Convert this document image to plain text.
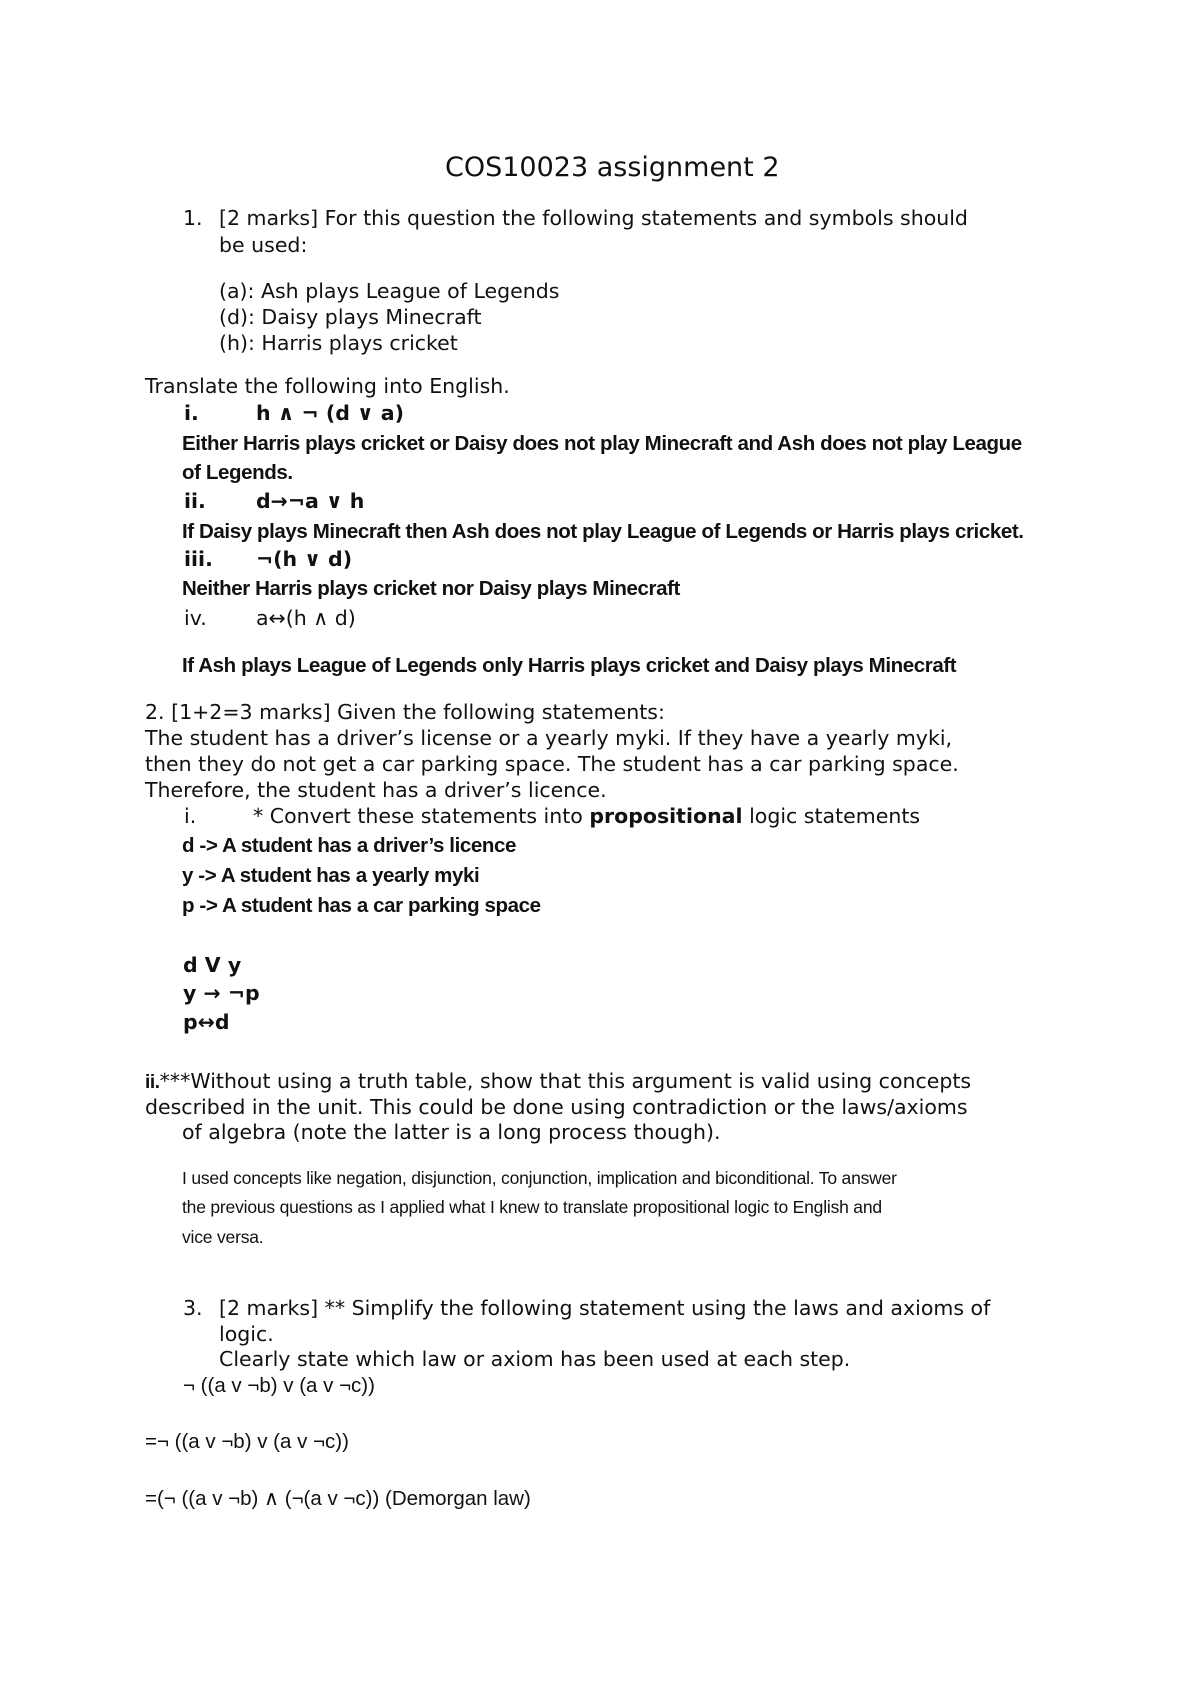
COS10023 assignment 2
1. [2 marks] For this question the following statements and symbols should
be used:
(a): Ash plays League of Legends
(d): Daisy plays Minecraft
(h): Harris plays cricket
Translate the following into English.
i.	h ∧ ¬ (d ∨ a)
Either Harris plays cricket or Daisy does not play Minecraft and Ash does not play League
of Legends.
ii. d→¬a ∨ h
If Daisy plays Minecraft then Ash does not play League of Legends or Harris plays cricket.
iii. ¬(h ∨ d)
Neither Harris plays cricket nor Daisy plays Minecraft
iv. a↔(h ∧ d)
If Ash plays League of Legends only Harris plays cricket and Daisy plays Minecraft
2. [1+2=3 marks] Given the following statements:
The student has a driver’s license or a yearly myki. If they have a yearly myki,
then they do not get a car parking space. The student has a car parking space.
Therefore, the student has a driver’s licence.
i.	* Convert these statements into propositional logic statements
d -> A student has a driver’s licence
y -> A student has a yearly myki
p -> A student has a car parking space
d V y
y → ¬p
p↔d
ii.***Without using a truth table, show that this argument is valid using concepts
described in the unit. This could be done using contradiction or the laws/axioms
of algebra (note the latter is a long process though).
I used concepts like negation, disjunction, conjunction, implication and biconditional. To answer
the previous questions as I applied what I knew to translate propositional logic to English and
vice versa.
3. [2 marks] ** Simplify the following statement using the laws and axioms of
logic.
Clearly state which law or axiom has been used at each step.
¬ ((a v ¬b) v (a v ¬c))
=¬ ((a v ¬b) v (a v ¬c))
=(¬ ((a v ¬b) ∧ (¬(a v ¬c)) (Demorgan law)
